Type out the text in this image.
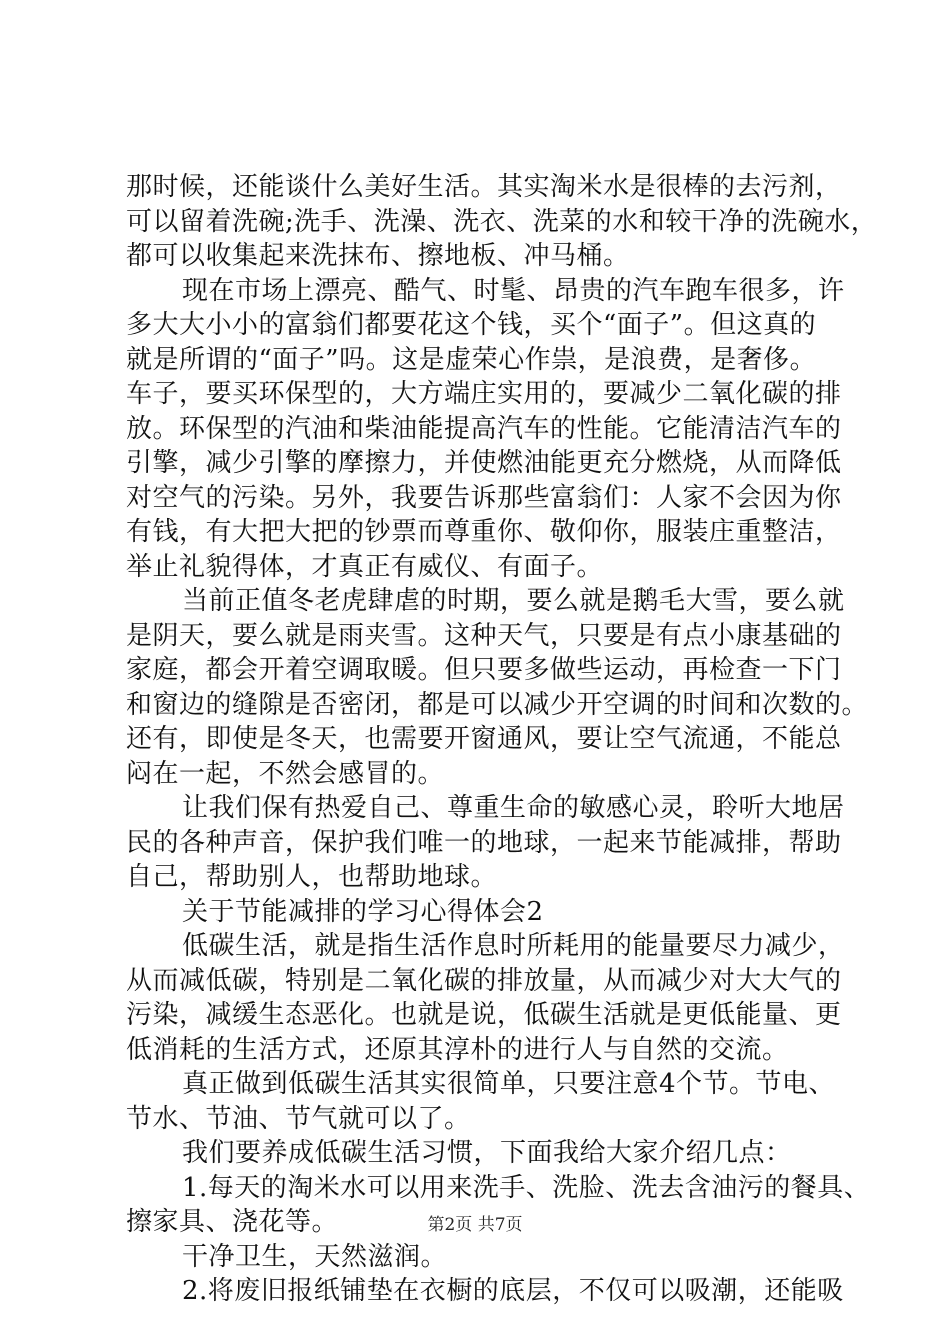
那时候，还能谈什么美好生活。其实淘米水是很棒的去污剂，
可以留着洗碗;洗手、洗澡、洗衣、洗菜的水和较干净的洗碗水，
都可以收集起来洗抹布、擦地板、冲马桶。
现在市场上漂亮、酷气、时髦、昂贵的汽车跑车很多，许
多大大小小的富翁们都要花这个钱，买个“面子”。但这真的
就是所谓的“面子”吗。这是虚荣心作祟，是浪费，是奢侈。
车子，要买环保型的，大方端庄实用的，要减少二氧化碳的排
放。环保型的汽油和柴油能提高汽车的性能。它能清洁汽车的
引擎，减少引擎的摩擦力，并使燃油能更充分燃烧，从而降低
对空气的污染。另外，我要告诉那些富翁们：人家不会因为你
有钱，有大把大把的钞票而尊重你、敬仰你，服装庄重整洁，
举止礼貌得体，才真正有威仪、有面子。
当前正值冬老虎肆虐的时期，要么就是鹅毛大雪，要么就
是阴天，要么就是雨夹雪。这种天气，只要是有点小康基础的
家庭，都会开着空调取暖。但只要多做些运动，再检查一下门
和窗边的缝隙是否密闭，都是可以减少开空调的时间和次数的。
还有，即使是冬天，也需要开窗通风，要让空气流通，不能总
闷在一起，不然会感冒的。
让我们保有热爱自己、尊重生命的敏感心灵，聆听大地居
民的各种声音，保护我们唯一的地球，一起来节能减排，帮助
自己，帮助别人，也帮助地球。
关于节能减排的学习心得体会2
低碳生活，就是指生活作息时所耗用的能量要尽力减少，
从而减低碳，特别是二氧化碳的排放量，从而减少对大大气的
污染，减缓生态恶化。也就是说，低碳生活就是更低能量、更
低消耗的生活方式，还原其淳朴的进行人与自然的交流。
真正做到低碳生活其实很简单，只要注意4个节。节电、
节水、节油、节气就可以了。
我们要养成低碳生活习惯，下面我给大家介绍几点：
1.每天的淘米水可以用来洗手、洗脸、洗去含油污的餐具、
擦家具、浇花等。
干净卫生，天然滋润。
2.将废旧报纸铺垫在衣橱的底层，不仅可以吸潮，还能吸
第2页 共7页
